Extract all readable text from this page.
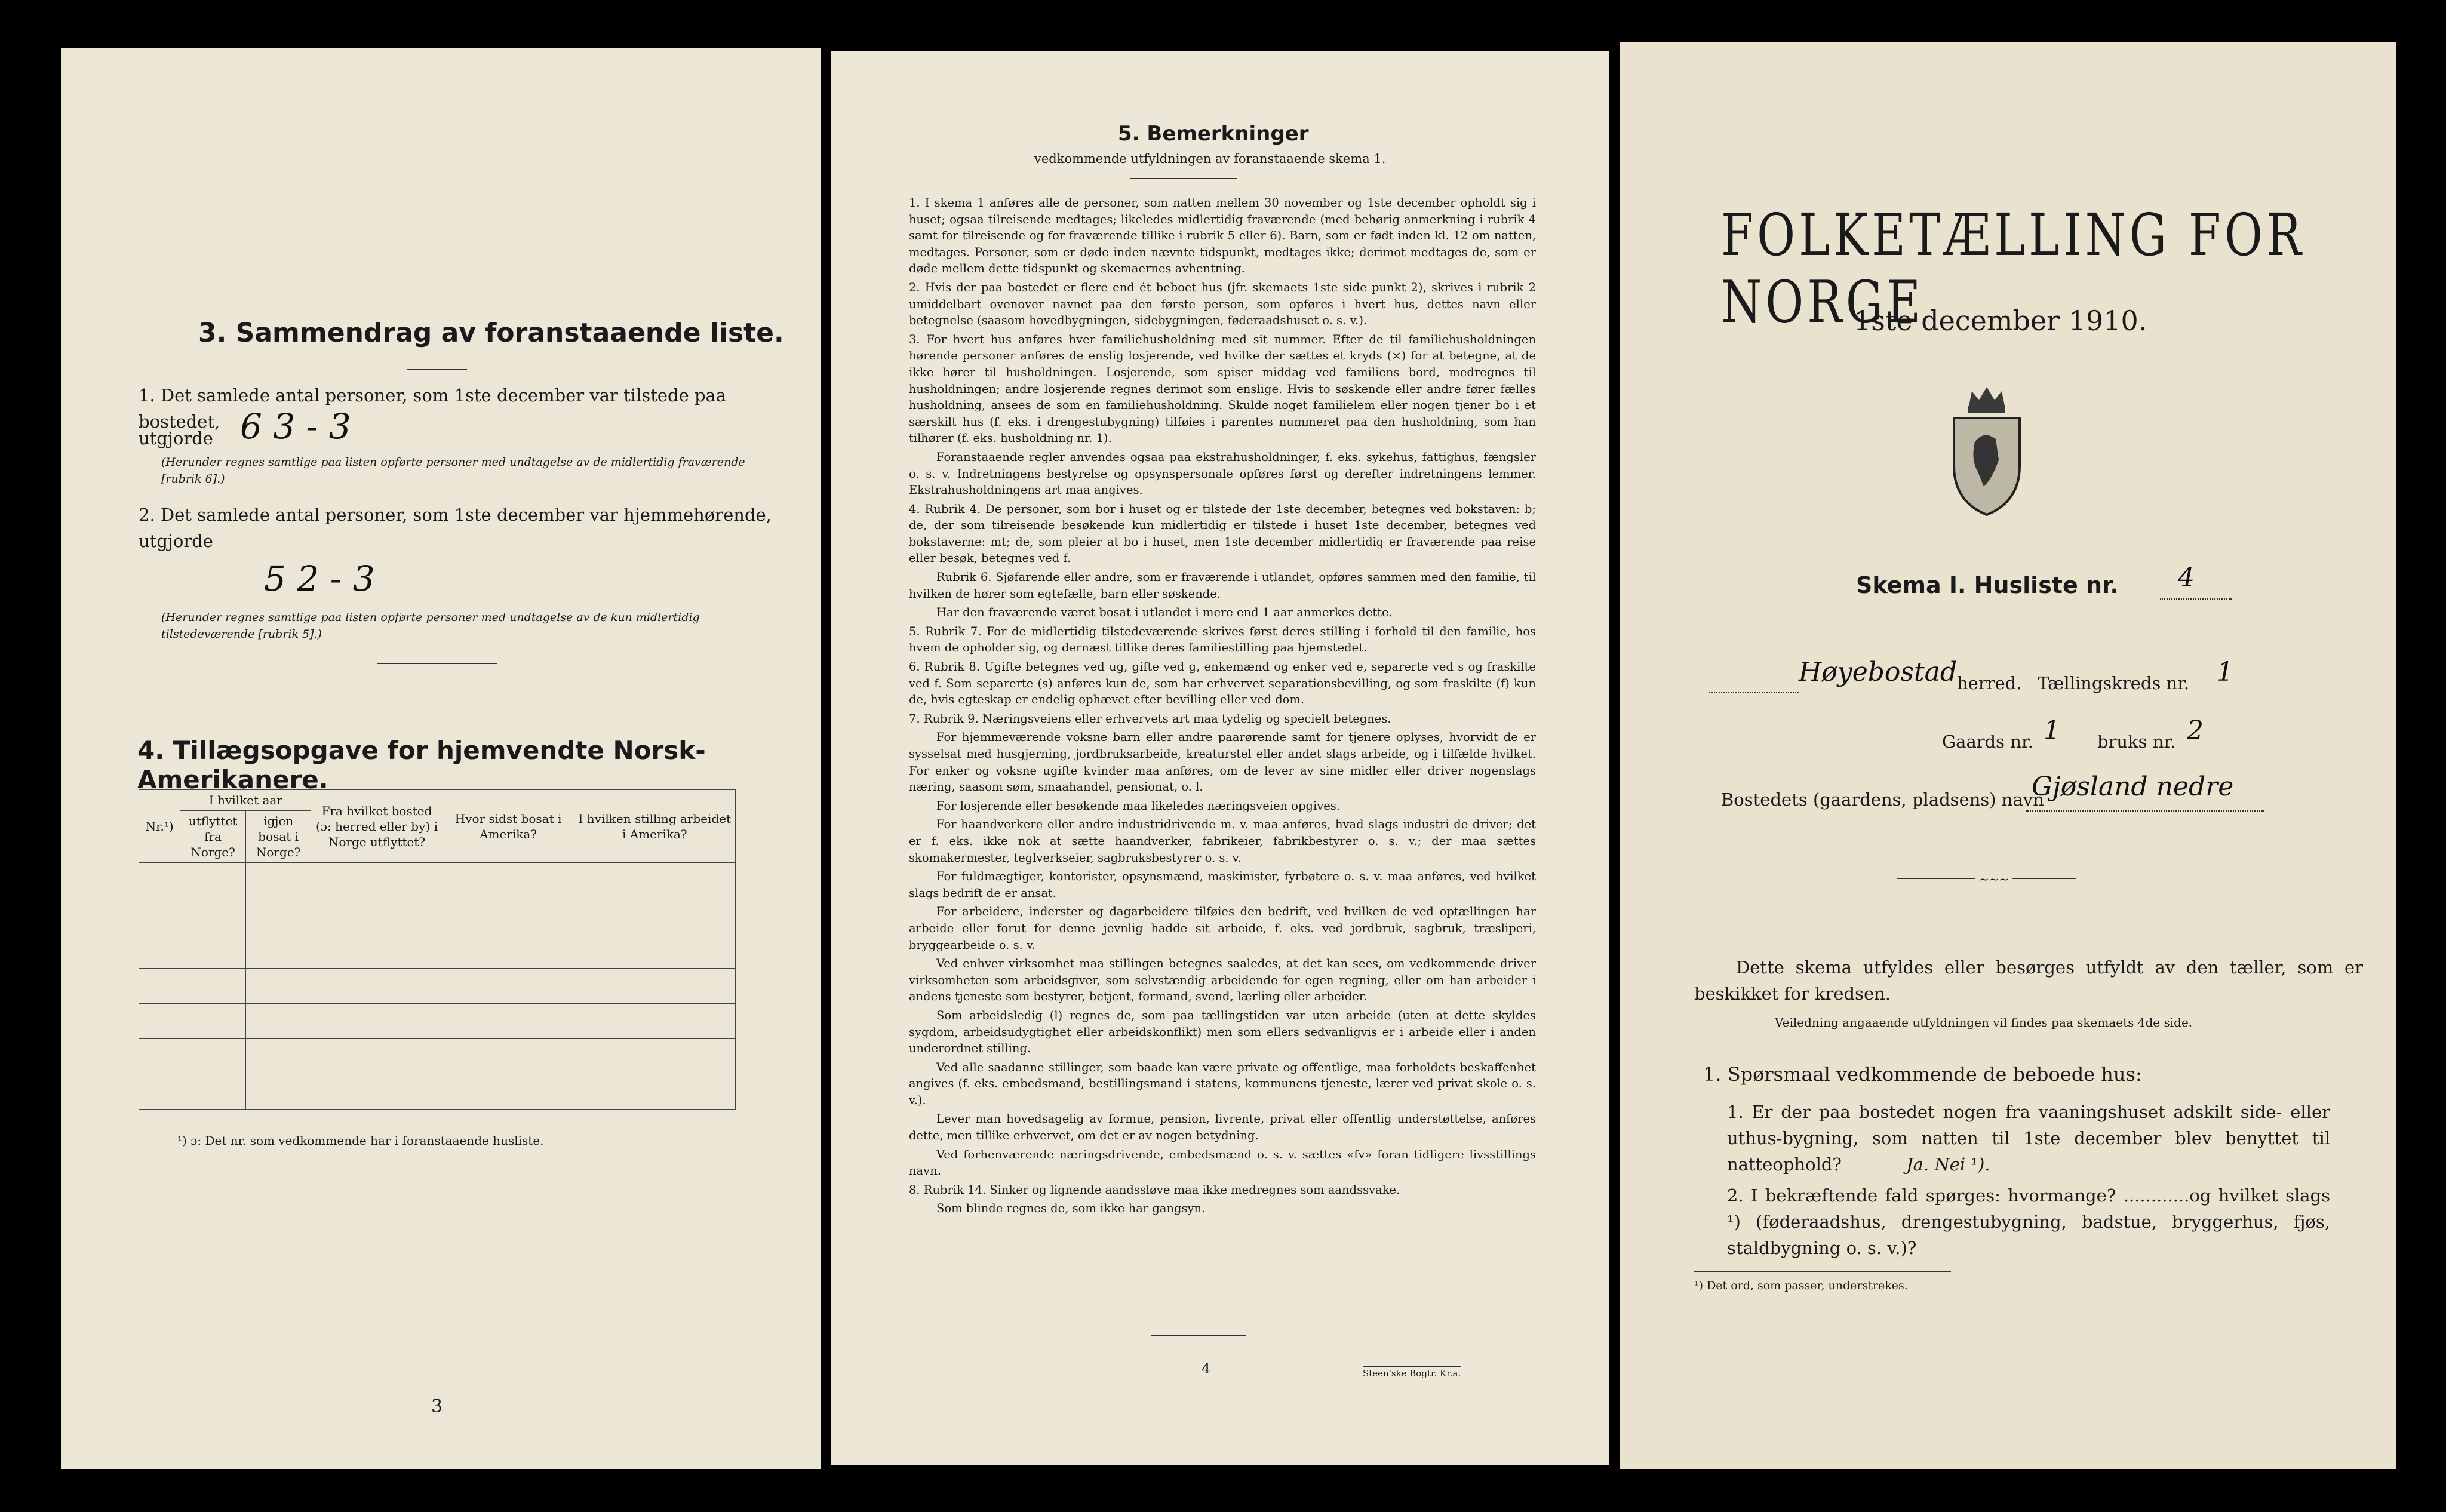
3. Sammendrag av foranstaaende liste.
1. Det samlede antal personer, som 1ste december var tilstede paa bostedet,
utgjorde 6 3 - 3
(Herunder regnes samtlige paa listen opførte personer med undtagelse av de midlertidig fraværende [rubrik 6].)
2. Det samlede antal personer, som 1ste december var hjemmehørende, utgjorde
5 2 - 3
(Herunder regnes samtlige paa listen opførte personer med undtagelse av de kun midlertidig tilstedeværende [rubrik 5].)
4. Tillægsopgave for hjemvendte Norsk-Amerikanere.
Nr.¹)	I hvilket aar		Fra hvilket bosted (ɔ: herred eller by) i Norge utflyttet?	Hvor sidst bosat i Amerika?	I hvilken stilling arbeidet i Amerika?
	utflyttet fra Norge?	igjen bosat i Norge?			

¹) ɔ: Det nr. som vedkommende har i foranstaaende husliste.
3
5. Bemerkninger
vedkommende utfyldningen av foranstaaende skema 1.

1. I skema 1 anføres alle de personer, som natten mellem 30 november og 1ste december opholdt sig i huset; ogsaa tilreisende medtages; likeledes midlertidig fraværende (med behørig anmerkning i rubrik 4 samt for tilreisende og for fraværende tillike i rubrik 5 eller 6). Barn, som er født inden kl. 12 om natten, medtages. Personer, som er døde inden nævnte tidspunkt, medtages ikke; derimot medtages de, som er døde mellem dette tidspunkt og skemaernes avhentning.

2. Hvis der paa bostedet er flere end ét beboet hus (jfr. skemaets 1ste side punkt 2), skrives i rubrik 2 umiddelbart ovenover navnet paa den første person, som opføres i hvert hus, dettes navn eller betegnelse (saasom hovedbygningen, sidebygningen, føderaadshuset o. s. v.).

3. For hvert hus anføres hver familiehusholdning med sit nummer. Efter de til familiehusholdningen hørende personer anføres de enslig losjerende, ved hvilke der sættes et kryds (×) for at betegne, at de ikke hører til husholdningen. Losjerende, som spiser middag ved familiens bord, medregnes til husholdningen; andre losjerende regnes derimot som enslige. Hvis to søskende eller andre fører fælles husholdning, ansees de som en familiehusholdning. Skulde noget familielem eller nogen tjener bo i et særskilt hus (f. eks. i drengestubygning) tilføies i parentes nummeret paa den husholdning, som han tilhører (f. eks. husholdning nr. 1).

Foranstaaende regler anvendes ogsaa paa ekstrahusholdninger, f. eks. sykehus, fattighus, fængsler o. s. v. Indretningens bestyrelse og opsynspersonale opføres først og derefter indretningens lemmer. Ekstrahusholdningens art maa angives.

4. Rubrik 4. De personer, som bor i huset og er tilstede der 1ste december, betegnes ved bokstaven: b; de, der som tilreisende besøkende kun midlertidig er tilstede i huset 1ste december, betegnes ved bokstaverne: mt; de, som pleier at bo i huset, men 1ste december midlertidig er fraværende paa reise eller besøk, betegnes ved f.

Rubrik 6. Sjøfarende eller andre, som er fraværende i utlandet, opføres sammen med den familie, til hvilken de hører som egtefælle, barn eller søskende.

Har den fraværende været bosat i utlandet i mere end 1 aar anmerkes dette.

5. Rubrik 7. For de midlertidig tilstedeværende skrives først deres stilling i forhold til den familie, hos hvem de opholder sig, og dernæst tillike deres familiestilling paa hjemstedet.

6. Rubrik 8. Ugifte betegnes ved ug, gifte ved g, enkemænd og enker ved e, separerte ved s og fraskilte ved f. Som separerte (s) anføres kun de, som har erhvervet separationsbevilling, og som fraskilte (f) kun de, hvis egteskap er endelig ophævet efter bevilling eller ved dom.

7. Rubrik 9. Næringsveiens eller erhvervets art maa tydelig og specielt betegnes.

For hjemmeværende voksne barn eller andre paarørende samt for tjenere oplyses, hvorvidt de er sysselsat med husgjerning, jordbruksarbeide, kreaturstel eller andet slags arbeide, og i tilfælde hvilket. For enker og voksne ugifte kvinder maa anføres, om de lever av sine midler eller driver nogenslags næring, saasom søm, smaahandel, pensionat, o. l.

For losjerende eller besøkende maa likeledes næringsveien opgives.

For haandverkere eller andre industridrivende m. v. maa anføres, hvad slags industri de driver; det er f. eks. ikke nok at sætte haandverker, fabrikeier, fabrikbestyrer o. s. v.; der maa sættes skomakermester, teglverkseier, sagbruksbestyrer o. s. v.

For fuldmægtiger, kontorister, opsynsmænd, maskinister, fyrbøtere o. s. v. maa anføres, ved hvilket slags bedrift de er ansat.

For arbeidere, inderster og dagarbeidere tilføies den bedrift, ved hvilken de ved optællingen har arbeide eller forut for denne jevnlig hadde sit arbeide, f. eks. ved jordbruk, sagbruk, træsliperi, bryggearbeide o. s. v.

Ved enhver virksomhet maa stillingen betegnes saaledes, at det kan sees, om vedkommende driver virksomheten som arbeidsgiver, som selvstændig arbeidende for egen regning, eller om han arbeider i andens tjeneste som bestyrer, betjent, formand, svend, lærling eller arbeider.

Som arbeidsledig (l) regnes de, som paa tællingstiden var uten arbeide (uten at dette skyldes sygdom, arbeidsudygtighet eller arbeidskonflikt) men som ellers sedvanligvis er i arbeide eller i anden underordnet stilling.

Ved alle saadanne stillinger, som baade kan være private og offentlige, maa forholdets beskaffenhet angives (f. eks. embedsmand, bestillingsmand i statens, kommunens tjeneste, lærer ved privat skole o. s. v.).

Lever man hovedsagelig av formue, pension, livrente, privat eller offentlig understøttelse, anføres dette, men tillike erhvervet, om det er av nogen betydning.

Ved forhenværende næringsdrivende, embedsmænd o. s. v. sættes «fv» foran tidligere livsstillings navn.

8. Rubrik 14. Sinker og lignende aandssløve maa ikke medregnes som aandssvake.

Som blinde regnes de, som ikke har gangsyn.

4	Steen'ske Bogtr. Kr.a.
FOLKETÆLLING FOR NORGE
1ste december 1910.
Skema I. Husliste nr. 4
Høyebostad herred. Tællingskreds nr. 1
Gaards nr. 1 bruks nr. 2
Bostedets (gaardens, pladsens) navn
Gjøsland nedre
~~~
Dette skema utfyldes eller besørges utfyldt av den tæller, som er beskikket for kredsen.
Veiledning angaaende utfyldningen vil findes paa skemaets 4de side.
1. Spørsmaal vedkommende de beboede hus:
1. Er der paa bostedet nogen fra vaaningshuset adskilt side- eller uthus-bygning, som natten til 1ste december blev benyttet til natteophold?	Ja. Nei ¹).
2. I bekræftende fald spørges: hvormange? ............og hvilket slags ¹) (føderaadshus, drengestubygning, badstue, bryggerhus, fjøs, staldbygning o. s. v.)?
¹) Det ord, som passer, understrekes.
